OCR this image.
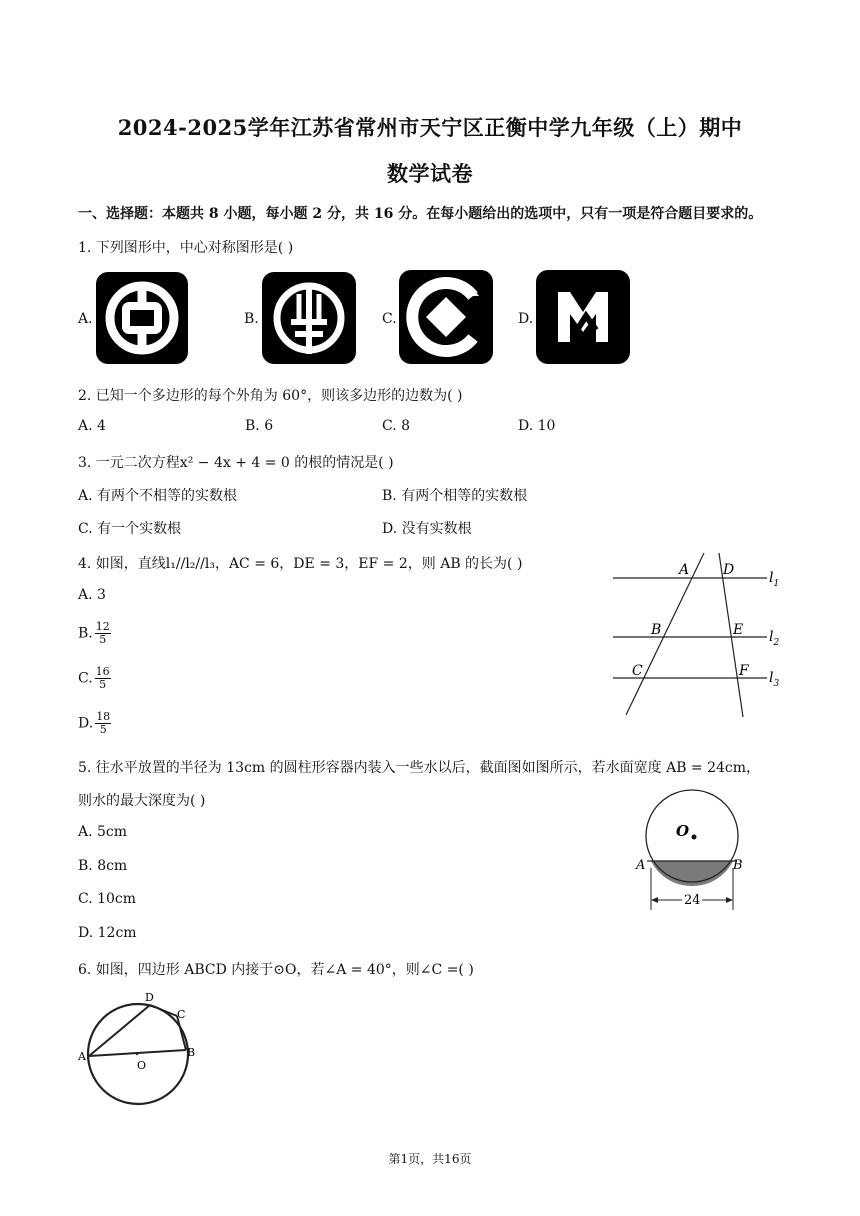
2024-2025学年江苏省常州市天宁区正衡中学九年级（上）期中
数学试卷
一、选择题：本题共 8 小题，每小题 2 分，共 16 分。在每小题给出的选项中，只有一项是符合题目要求的。
1. 下列图形中，中心对称图形是( )
A.	B.	C.	D.
2. 已知一个多边形的每个外角为 60°，则该多边形的边数为( )
A. 4	B. 6	C. 8	D. 10
3. 一元二次方程x² − 4x + 4 = 0 的根的情况是( )
A. 有两个不相等的实数根	B. 有两个相等的实数根
C. 有一个实数根	D. 没有实数根
4. 如图，直线l₁//l₂//l₃，AC = 6，DE = 3，EF = 2，则 AB 的长为( )
A. 3
B. $\frac{12}{5}$
C. $\frac{16}{5}$
D. $\frac{18}{5}$
A D
B	E
C	F
$l_1$
$l_2$
$l_3$
5. 往水平放置的半径为 13cm 的圆柱形容器内装入一些水以后，截面图如图所示，若水面宽度 AB = 24cm，
则水的最大深度为( )
A. 5cm
B. 8cm
C. 10cm
D. 12cm
O
A	B
24
6. 如图，四边形 ABCD 内接于⊙O，若∠A = 40°，则∠C =( )
A	B
C
D
O
第1页，共16页
